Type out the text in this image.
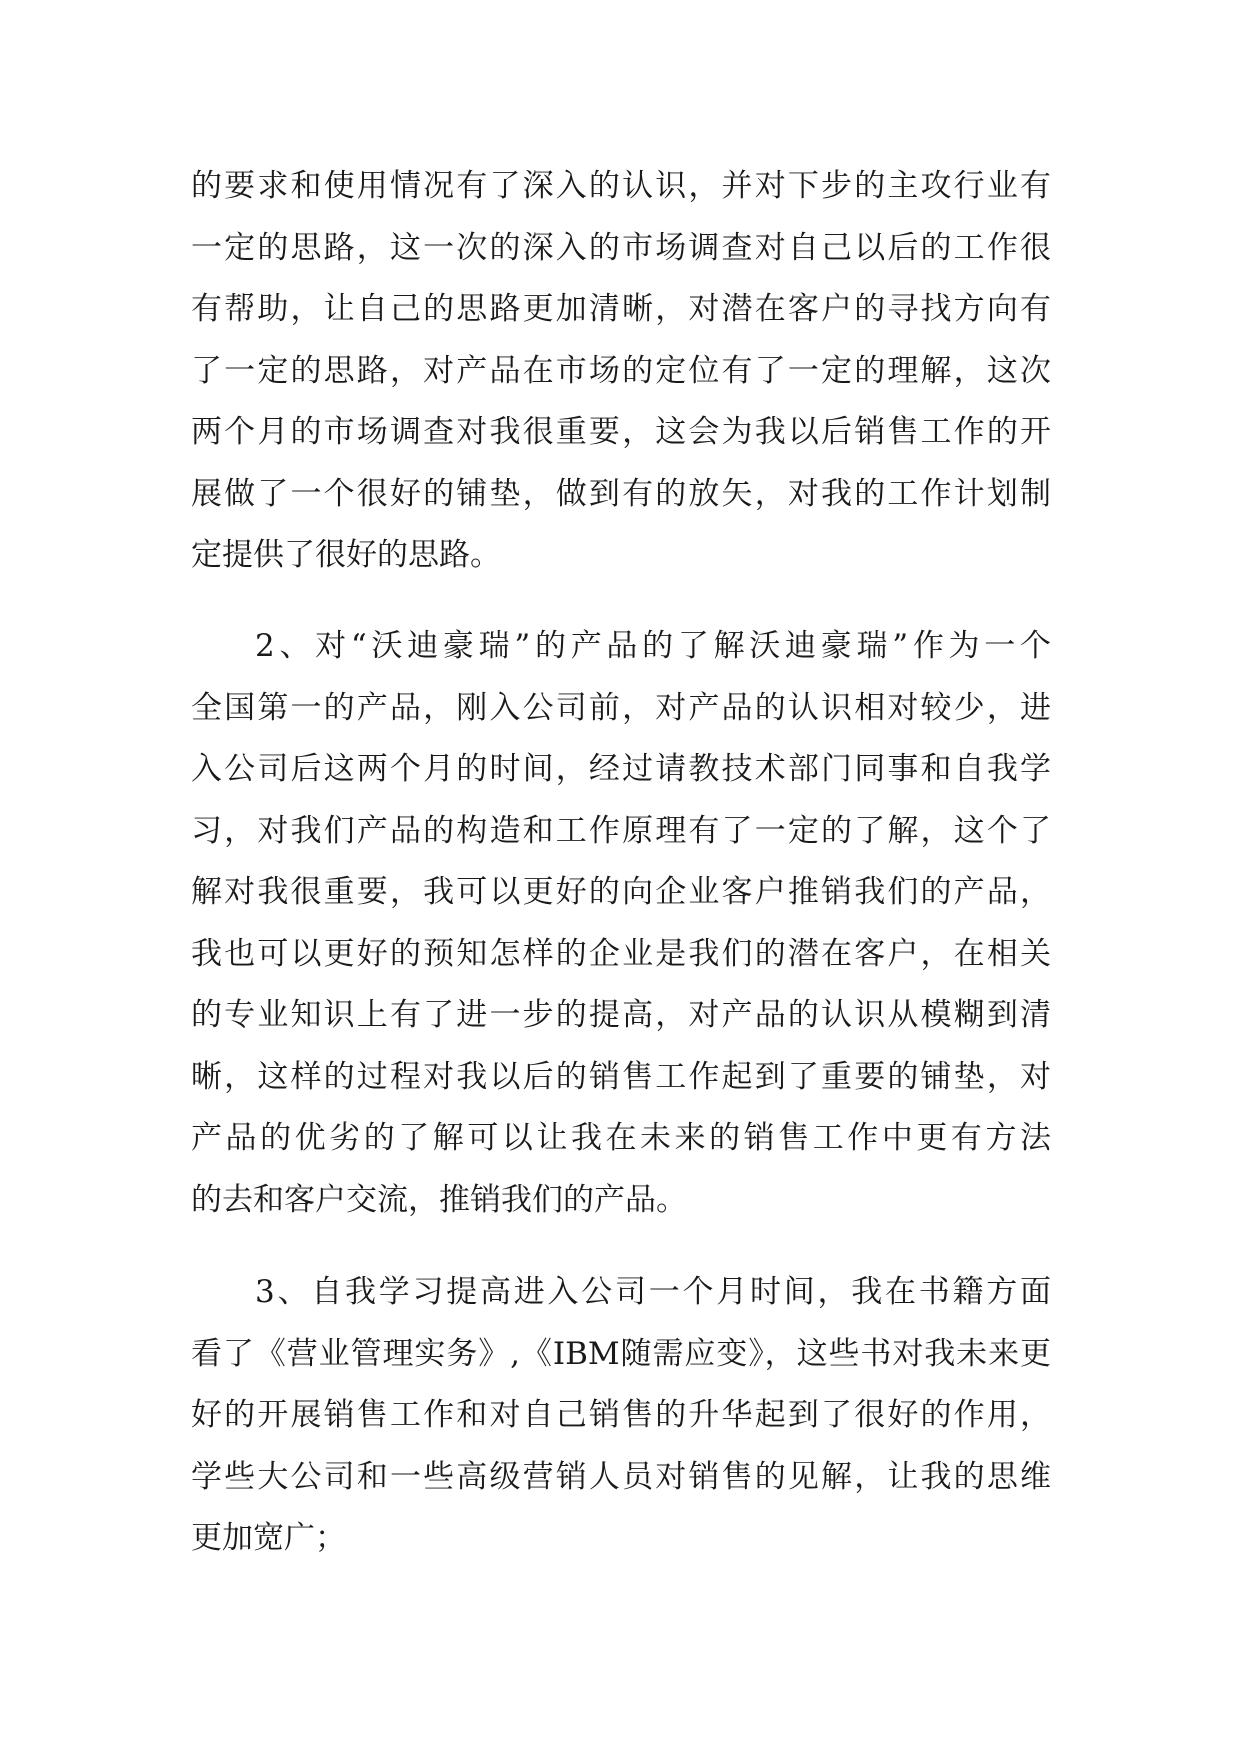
的要求和使用情况有了深入的认识，并对下步的主攻行业有
一定的思路，这一次的深入的市场调查对自己以后的工作很
有帮助，让自己的思路更加清晰，对潜在客户的寻找方向有
了一定的思路，对产品在市场的定位有了一定的理解，这次
两个月的市场调查对我很重要，这会为我以后销售工作的开
展做了一个很好的铺垫，做到有的放矢，对我的工作计划制
定提供了很好的思路。
2、对“沃迪豪瑞”的产品的了解沃迪豪瑞”作为一个
全国第一的产品，刚入公司前，对产品的认识相对较少，进
入公司后这两个月的时间，经过请教技术部门同事和自我学
习，对我们产品的构造和工作原理有了一定的了解，这个了
解对我很重要，我可以更好的向企业客户推销我们的产品，
我也可以更好的预知怎样的企业是我们的潜在客户，在相关
的专业知识上有了进一步的提高，对产品的认识从模糊到清
晰，这样的过程对我以后的销售工作起到了重要的铺垫，对
产品的优劣的了解可以让我在未来的销售工作中更有方法
的去和客户交流，推销我们的产品。
3、自我学习提高进入公司一个月时间，我在书籍方面
看了《营业管理实务》,《IBM随需应变》，这些书对我未来更
好的开展销售工作和对自己销售的升华起到了很好的作用，
学些大公司和一些高级营销人员对销售的见解，让我的思维
更加宽广；
